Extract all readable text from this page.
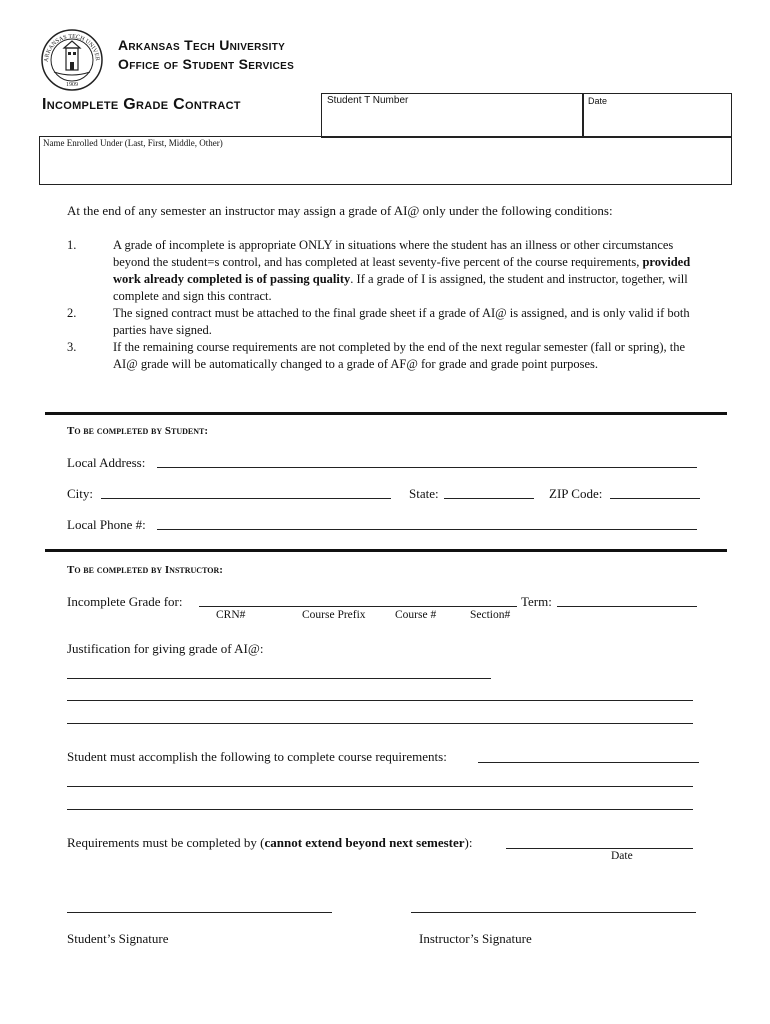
ARKANSAS TECH UNIVER
1909
Arkansas Tech University
Office of Student Services
Incomplete Grade Contract	Student T Number	Date
Name Enrolled Under (Last, First, Middle, Other)
At the end of any semester an instructor may assign a grade of AI@ only under the following conditions:
1.	A grade of incomplete is appropriate ONLY in situations where the student has an illness or other circumstances beyond the student=s control, and has completed at least seventy-five percent of the course requirements, provided work already completed is of passing quality. If a grade of I is assigned, the student and instructor, together, will complete and sign this contract.
2.	The signed contract must be attached to the final grade sheet if a grade of AI@ is assigned, and is only valid if both parties have signed.
3.	If the remaining course requirements are not completed by the end of the next regular semester (fall or spring), the AI@ grade will be automatically changed to a grade of AF@ for grade and grade point purposes.
To be completed by Student:
Local Address:
City:	State:	ZIP Code:
Local Phone #:
To be completed by Instructor:
Incomplete Grade for:	Term:
CRN#	Course Prefix	Course #	Section#
Justification for giving grade of AI@:
Student must accomplish the following to complete course requirements:
Requirements must be completed by (cannot extend beyond next semester):
Date
Student’s Signature	Instructor’s Signature
